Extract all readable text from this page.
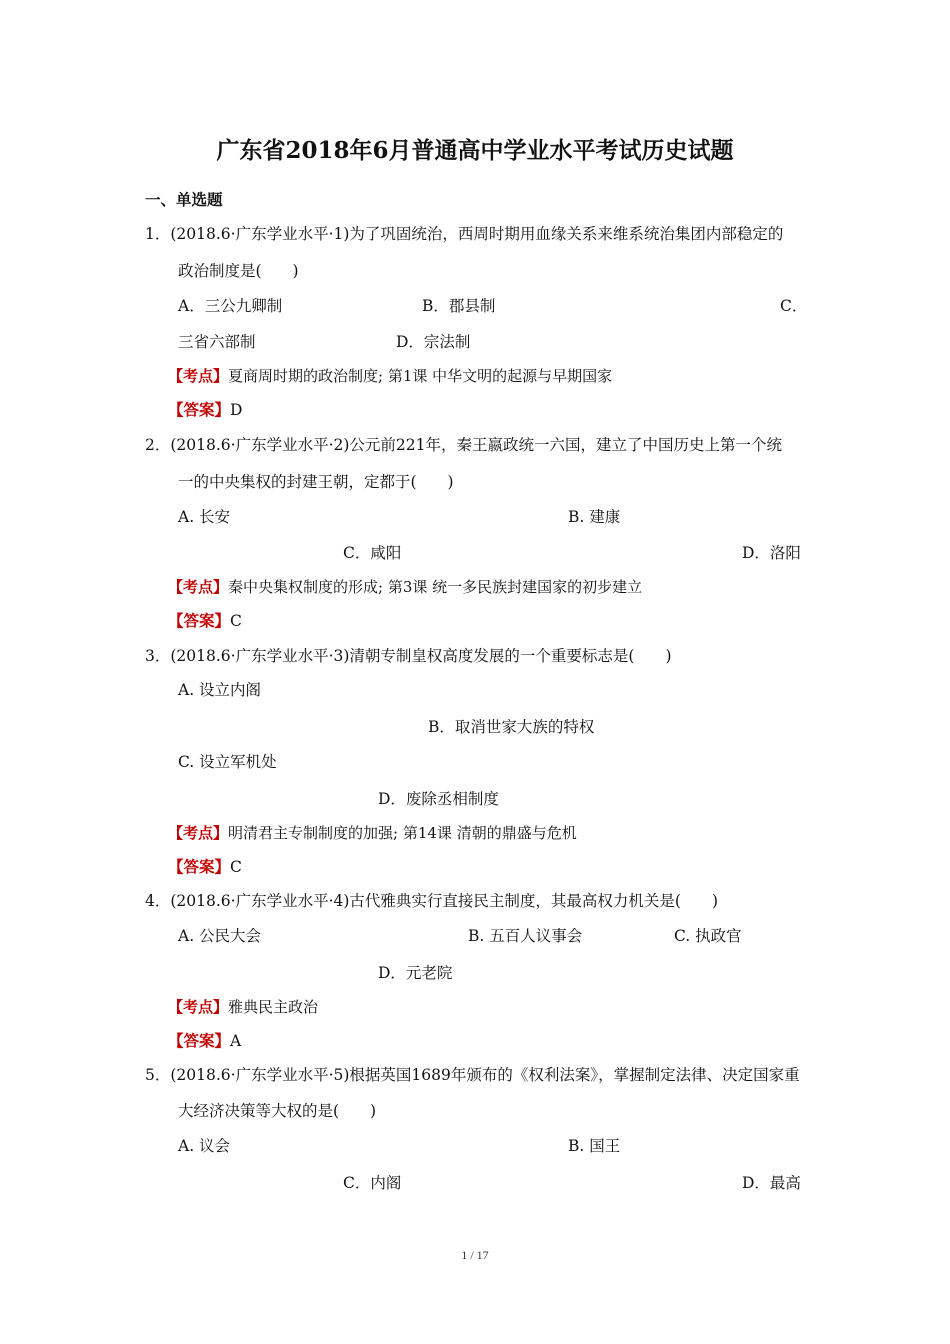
广东省2018年6月普通高中学业水平考试历史试题
一、单选题
1．(2018.6·广东学业水平·1)为了巩固统治，西周时期用血缘关系来维系统治集团内部稳定的
政治制度是(　　)
A．三公九卿制	B．郡县制	C．
三省六部制	D．宗法制
【考点】夏商周时期的政治制度; 第1课 中华文明的起源与早期国家
【答案】D
2．(2018.6·广东学业水平·2)公元前221年，秦王嬴政统一六国，建立了中国历史上第一个统
一的中央集权的封建王朝，定都于(　　)
A. 长安	B. 建康
C．咸阳	D．洛阳
【考点】秦中央集权制度的形成; 第3课 统一多民族封建国家的初步建立
【答案】C
3．(2018.6·广东学业水平·3)清朝专制皇权高度发展的一个重要标志是(　　)
A. 设立内阁
B．取消世家大族的特权
C. 设立军机处
D．废除丞相制度
【考点】明清君主专制制度的加强; 第14课 清朝的鼎盛与危机
【答案】C
4．(2018.6·广东学业水平·4)古代雅典实行直接民主制度，其最高权力机关是(　　)
A. 公民大会	B. 五百人议事会	C. 执政官
D．元老院
【考点】雅典民主政治
【答案】A
5．(2018.6·广东学业水平·5)根据英国1689年颁布的《权利法案》，掌握制定法律、决定国家重
大经济决策等大权的是(　　)
A. 议会	B. 国王
C．内阁	D．最高
1 / 17
